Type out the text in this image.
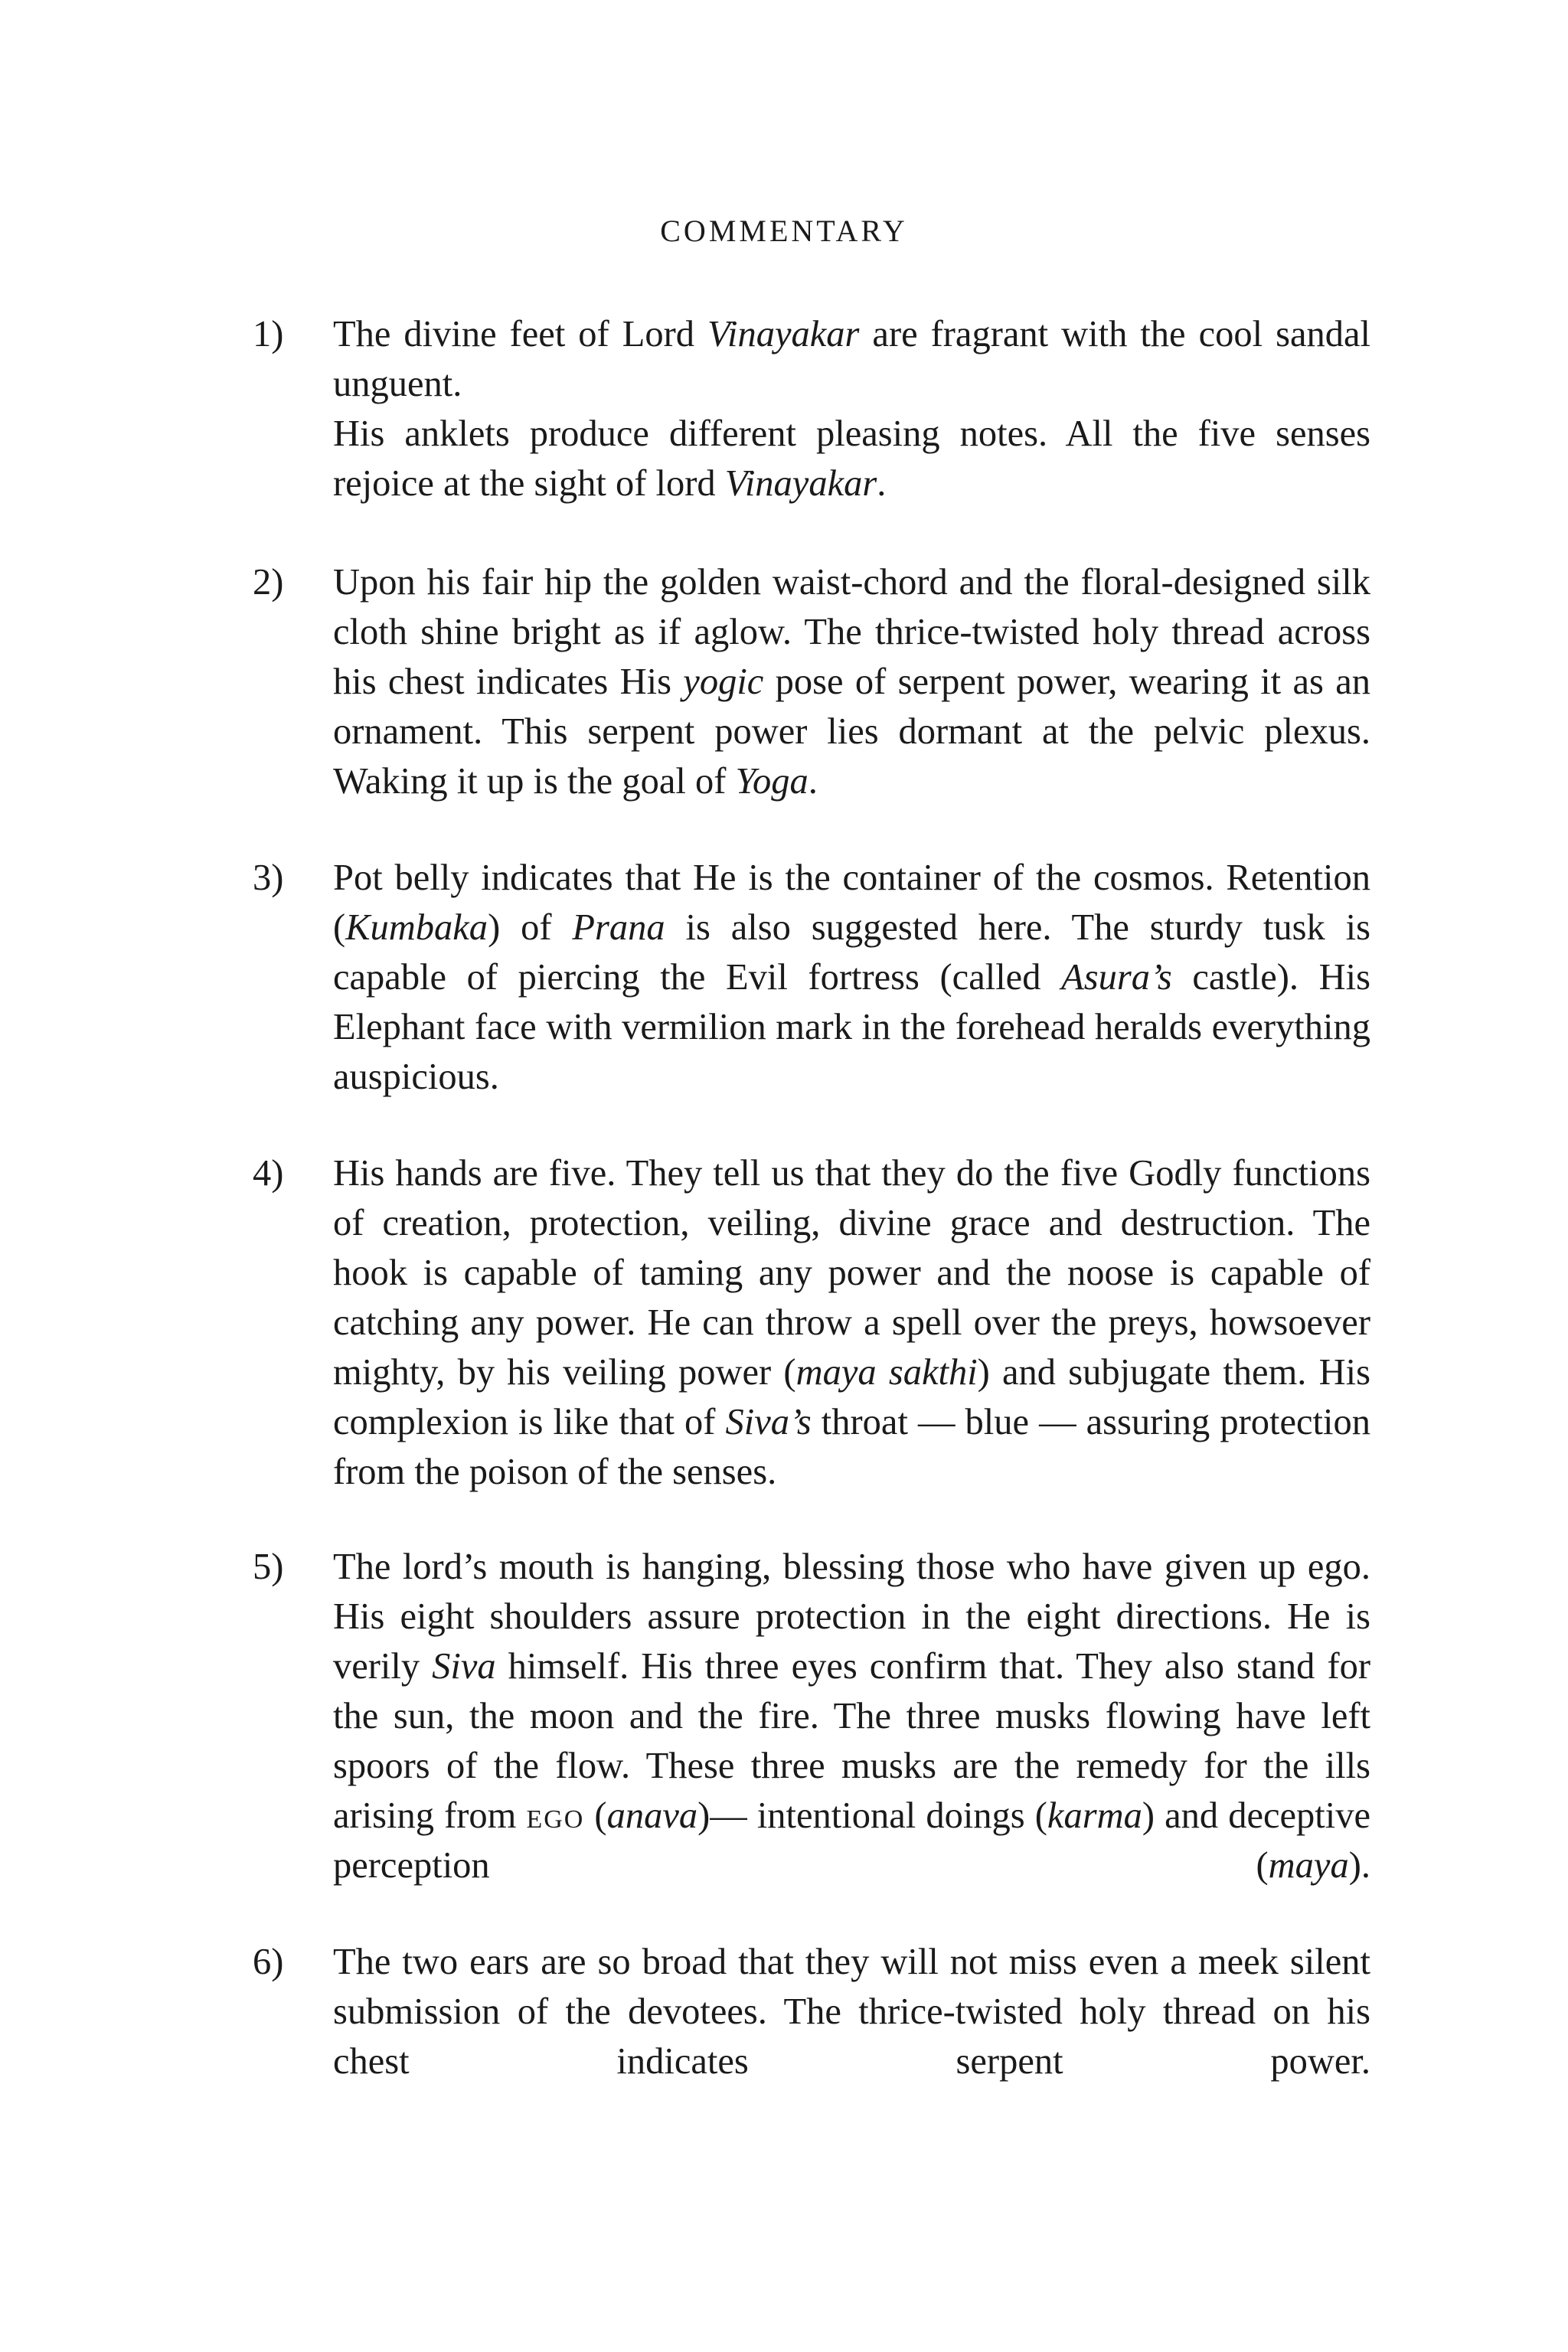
COMMENTARY
1)	The divine feet of Lord Vinayakar are fragrant with the cool sandal unguent.

His anklets produce different pleasing notes. All the five senses rejoice at the sight of lord Vinayakar.

2)	Upon his fair hip the golden waist-chord and the floral-designed silk cloth shine bright as if aglow. The thrice-twisted holy thread across his chest indicates His yogic pose of serpent power, wearing it as an ornament. This serpent power lies dormant at the pelvic plexus. Waking it up is the goal of Yoga.

3)	Pot belly indicates that He is the container of the cosmos. Retention (Kumbaka) of Prana is also suggested here. The sturdy tusk is capable of piercing the Evil fortress (called Asura’s castle). His Elephant face with vermilion mark in the forehead heralds everything auspicious.

4)	His hands are five. They tell us that they do the five Godly functions of creation, protection, veiling, divine grace and destruction. The hook is capable of taming any power and the noose is capable of catching any power. He can throw a spell over the preys, howsoever mighty, by his veiling power (maya sakthi) and subjugate them. His complexion is like that of Siva’s throat — blue — assuring protection from the poison of the senses.

5)	The lord’s mouth is hanging, blessing those who have given up ego. His eight shoulders assure protection in the eight directions. He is verily Siva himself. His three eyes confirm that. They also stand for the sun, the moon and the fire. The three musks flowing have left spoors of the flow. These three musks are the remedy for the ills arising from ego (anava)— intentional doings (karma) and deceptive perception (maya).

6)	The two ears are so broad that they will not miss even a meek silent submission of the devotees. The thrice-twisted holy thread on his chest indicates serpent power.
